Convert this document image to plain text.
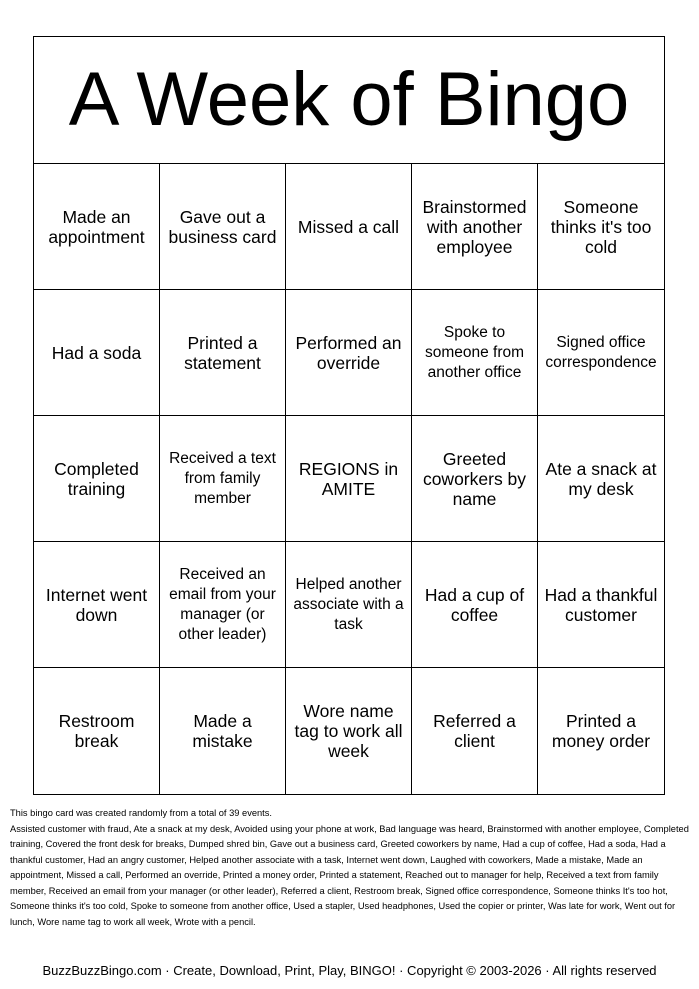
A Week of Bingo
Made an appointment
Gave out a business card	Missed a call
Brainstormed with another employee
Someone thinks it's too cold
Had a soda	Printed a statement
Performed an override
Spoke to someone from another office
Signed office correspondence
Completed training
Received a text from family member
REGIONS in AMITE
Greeted coworkers by name
Ate a snack at my desk
Internet went down
Received an email from your manager (or other leader)
Helped another associate with a task
Had a cup of coffee
Had a thankful customer
Restroom break
Made a mistake
Wore name tag to work all week
Referred a client
Printed a money order
This bingo card was created randomly from a total of 39 events.
Assisted customer with fraud, Ate a snack at my desk, Avoided using your phone at work, Bad language was heard, Brainstormed with another employee, Completed training, Covered the front desk for breaks, Dumped shred bin, Gave out a business card, Greeted coworkers by name, Had a cup of coffee, Had a soda, Had a thankful customer, Had an angry customer, Helped another associate with a task, Internet went down, Laughed with coworkers, Made a mistake, Made an appointment, Missed a call, Performed an override, Printed a money order, Printed a statement, Reached out to manager for help, Received a text from family member, Received an email from your manager (or other leader), Referred a client, Restroom break, Signed office correspondence, Someone thinks It's too hot, Someone thinks it's too cold, Spoke to someone from another office, Used a stapler, Used headphones, Used the copier or printer, Was late for work, Went out for lunch, Wore name tag to work all week, Wrote with a pencil.
BuzzBuzzBingo.com · Create, Download, Print, Play, BINGO! · Copyright © 2003-2026 · All rights reserved
